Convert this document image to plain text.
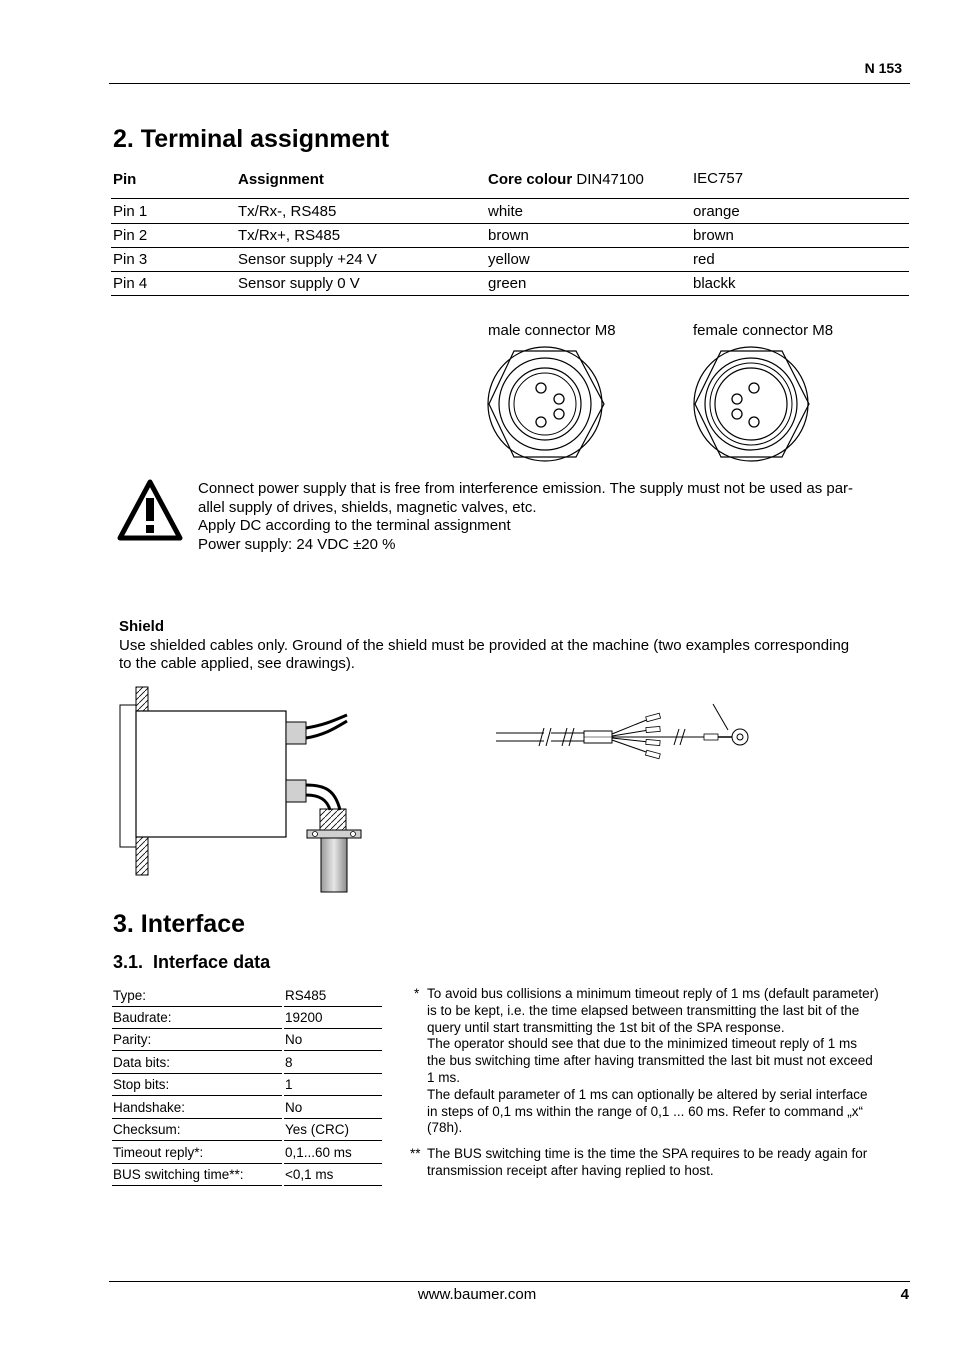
N 153
2. Terminal assignment
Pin	Assignment	Core colour DIN47100	IEC757
Pin 1	Tx/Rx-, RS485	white	orange
Pin 2	Tx/Rx+, RS485	brown	brown
Pin 3	Sensor supply +24 V	yellow	red
Pin 4	Sensor supply 0 V	green	blackk
male connector M8	female connector M8
Connect power supply that is free from interference emission. The supply must not be used as par-
allel supply of drives, shields, magnetic valves, etc.
Apply DC according to the terminal assignment
Power supply: 24 VDC ±20 %
Shield
Use shielded cables only. Ground of the shield must be provided at the machine (two examples corresponding
to the cable applied, see drawings).
3. Interface
3.1. Interface data
Type:	RS485
Baudrate:	19200
Parity:	No
Data bits:	8
Stop bits:	1
Handshake:	No
Checksum:	Yes (CRC)
Timeout reply*:	0,1...60 ms
BUS switching time**:	<0,1 ms
* To avoid bus collisions a minimum timeout reply of 1 ms (default parameter)
is to be kept, i.e. the time elapsed between transmitting the last bit of the
query until start transmitting the 1st bit of the SPA response.
The operator should see that due to the minimized timeout reply of 1 ms
the bus switching time after having transmitted the last bit must not exceed
1 ms.
The default parameter of 1 ms can optionally be altered by serial interface
in steps of 0,1 ms within the range of 0,1 ... 60 ms. Refer to command „x“
(78h).
** The BUS switching time is the time the SPA requires to be ready again for
transmission receipt after having replied to host.
www.baumer.com	4
